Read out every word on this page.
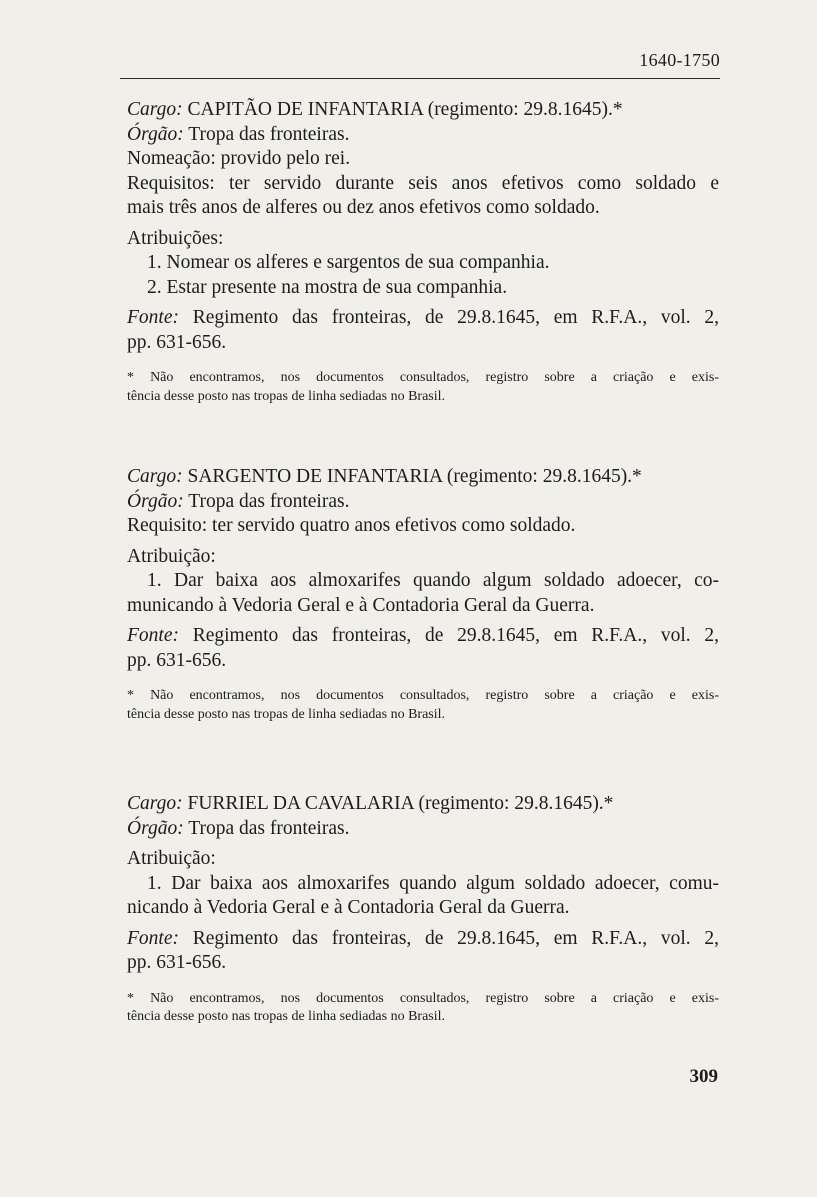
1640-1750
Cargo: CAPITÃO DE INFANTARIA (regimento: 29.8.1645).*
Órgão: Tropa das fronteiras.
Nomeação: provido pelo rei.
Requisitos: ter servido durante seis anos efetivos como soldado e
mais três anos de alferes ou dez anos efetivos como soldado.
Atribuições:
1. Nomear os alferes e sargentos de sua companhia.
2. Estar presente na mostra de sua companhia.
Fonte: Regimento das fronteiras, de 29.8.1645, em R.F.A., vol. 2,
pp. 631-656.
* Não encontramos, nos documentos consultados, registro sobre a criação e exis-
tência desse posto nas tropas de linha sediadas no Brasil.
Cargo: SARGENTO DE INFANTARIA (regimento: 29.8.1645).*
Órgão: Tropa das fronteiras.
Requisito: ter servido quatro anos efetivos como soldado.
Atribuição:
1. Dar baixa aos almoxarifes quando algum soldado adoecer, co-
municando à Vedoria Geral e à Contadoria Geral da Guerra.
Fonte: Regimento das fronteiras, de 29.8.1645, em R.F.A., vol. 2,
pp. 631-656.
* Não encontramos, nos documentos consultados, registro sobre a criação e exis-
tência desse posto nas tropas de linha sediadas no Brasil.
Cargo: FURRIEL DA CAVALARIA (regimento: 29.8.1645).*
Órgão: Tropa das fronteiras.
Atribuição:
1. Dar baixa aos almoxarifes quando algum soldado adoecer, comu-
nicando à Vedoria Geral e à Contadoria Geral da Guerra.
Fonte: Regimento das fronteiras, de 29.8.1645, em R.F.A., vol. 2,
pp. 631-656.
* Não encontramos, nos documentos consultados, registro sobre a criação e exis-
tência desse posto nas tropas de linha sediadas no Brasil.
309
